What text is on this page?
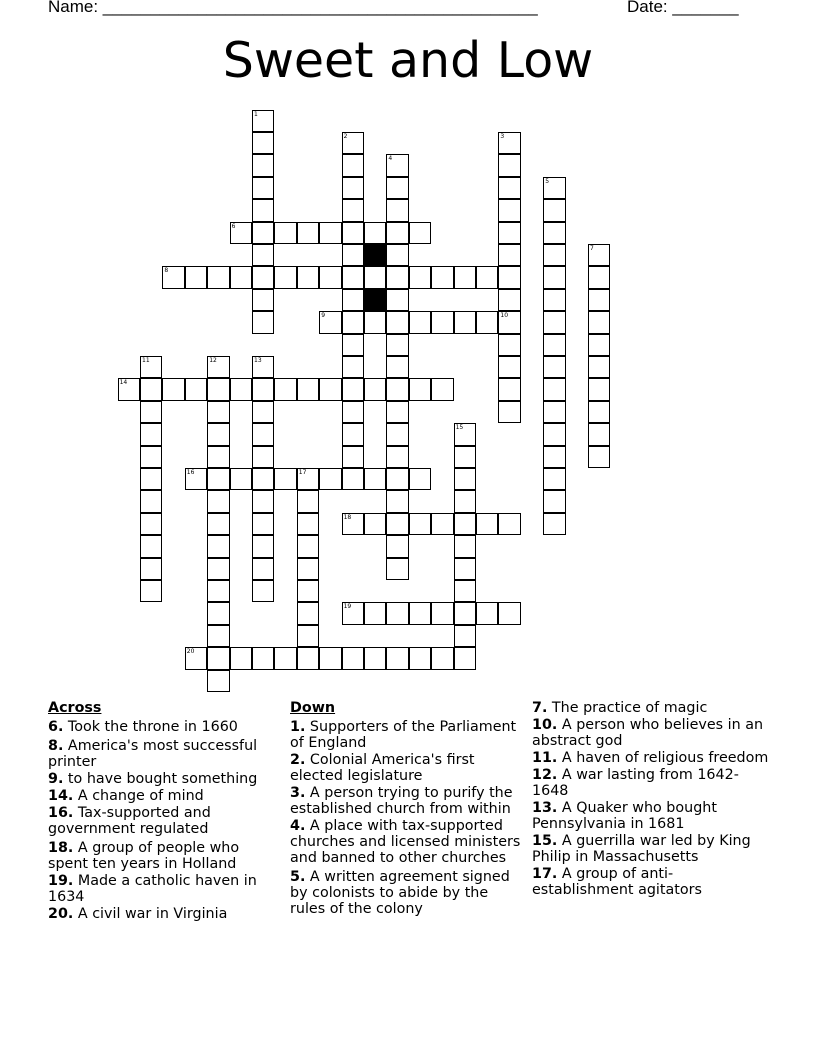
Name: ______________________________________________	Date: _______
Sweet and Low
6
8
9	10
14
16	17
18
19
20
1
2	3
4
5
7
11	12	13
15
Across
6. Took the throne in 1660
8. America's most successful printer
9. to have bought something
14. A change of mind
16. Tax-supported and government regulated
18. A group of people who spent ten years in Holland
19. Made a catholic haven in 1634
20. A civil war in Virginia
Down
1. Supporters of the Parliament of England
2. Colonial America's first elected legislature
3. A person trying to purify the established church from within
4. A place with tax-supported churches and licensed ministers and banned to other churches
5. A written agreement signed by colonists to abide by the rules of the colony
7. The practice of magic
10. A person who believes in an abstract god
11. A haven of religious freedom
12. A war lasting from 1642-1648
13. A Quaker who bought Pennsylvania in 1681
15. A guerrilla war led by King Philip in Massachusetts
17. A group of anti-establishment agitators
